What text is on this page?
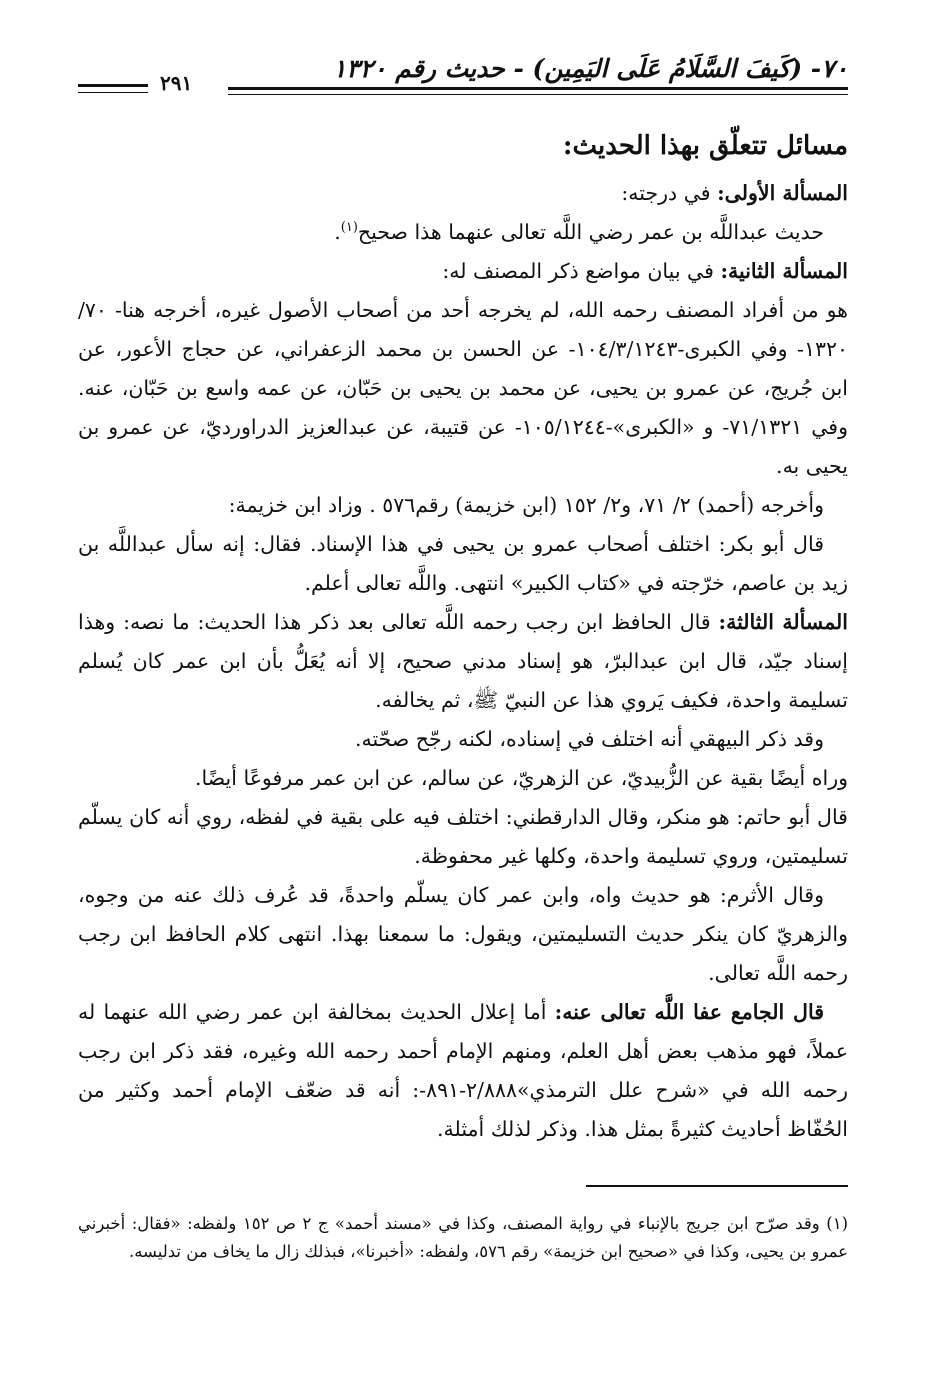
٧٠- (كَيفَ السَّلَامُ عَلَى اليَمِين) - حديث رقم ١٣٢٠
٢٩١
مسائل تتعلّق بهذا الحديث:

المسألة الأولى: في درجته:

حديث عبداللَّه بن عمر رضي اللَّه تعالى عنهما هذا صحيح$^{(١)}$.

المسألة الثانية: في بيان مواضع ذكر المصنف له:

هو من أفراد المصنف رحمه الله، لم يخرجه أحد من أصحاب الأصول غيره، أخرجه هنا- ٧٠/ ١٣٢٠- وفي الكبرى-١٠٤/٣/١٢٤٣- عن الحسن بن محمد الزعفراني، عن حجاج الأعور، عن ابن جُريج، عن عمرو بن يحيى، عن محمد بن يحيى بن حَبّان، عن عمه واسع بن حَبّان، عنه. وفي ٧١/١٣٢١- و «الكبرى»-١٠٥/١٢٤٤- عن قتيبة، عن عبدالعزيز الدراورديّ، عن عمرو بن يحيى به.

وأخرجه (أحمد) ٢/ ٧١، و٢/ ١٥٢ (ابن خزيمة) رقم٥٧٦ . وزاد ابن خزيمة:

قال أبو بكر: اختلف أصحاب عمرو بن يحيى في هذا الإسناد. فقال: إنه سأل عبداللَّه بن زيد بن عاصم، خرّجته في «كتاب الكبير» انتهى. واللَّه تعالى أعلم.

المسألة الثالثة: قال الحافظ ابن رجب رحمه اللَّه تعالى بعد ذكر هذا الحديث: ما نصه: وهذا إسناد جيّد، قال ابن عبدالبرّ، هو إسناد مدني صحيح، إلا أنه يُعَلُّ بأن ابن عمر كان يُسلم تسليمة واحدة، فكيف يَروي هذا عن النبيّ ﷺ، ثم يخالفه.

وقد ذكر البيهقي أنه اختلف في إسناده، لكنه رجّح صحّته.

وراه أيضًا بقية عن الزُّبيديّ، عن الزهريّ، عن سالم، عن ابن عمر مرفوعًا أيضًا.

قال أبو حاتم: هو منكر، وقال الدارقطني: اختلف فيه على بقية في لفظه، روي أنه كان يسلّم تسليمتين، وروي تسليمة واحدة، وكلها غير محفوظة.

وقال الأثرم: هو حديث واه، وابن عمر كان يسلّم واحدةً، قد عُرف ذلك عنه من وجوه، والزهريّ كان ينكر حديث التسليمتين، ويقول: ما سمعنا بهذا. انتهى كلام الحافظ ابن رجب رحمه اللَّه تعالى.

قال الجامع عفا اللَّه تعالى عنه: أما إعلال الحديث بمخالفة ابن عمر رضي الله عنهما له عملاً، فهو مذهب بعض أهل العلم، ومنهم الإمام أحمد رحمه الله وغيره، فقد ذكر ابن رجب رحمه الله في «شرح علل الترمذي»٢/٨٨٨-٨٩١-: أنه قد ضعّف الإمام أحمد وكثير من الحُفّاظ أحاديث كثيرةً بمثل هذا. وذكر لذلك أمثلة.

(١) وقد صرّح ابن جريج بالإنباء في رواية المصنف، وكذا في «مسند أحمد» ج ٢ ص ١٥٢ ولفظه: «فقال: أخبرني عمرو بن يحيى، وكذا في «صحيح ابن خزيمة» رقم ٥٧٦، ولفظه: «أخبرنا»، فبذلك زال ما يخاف من تدليسه.
